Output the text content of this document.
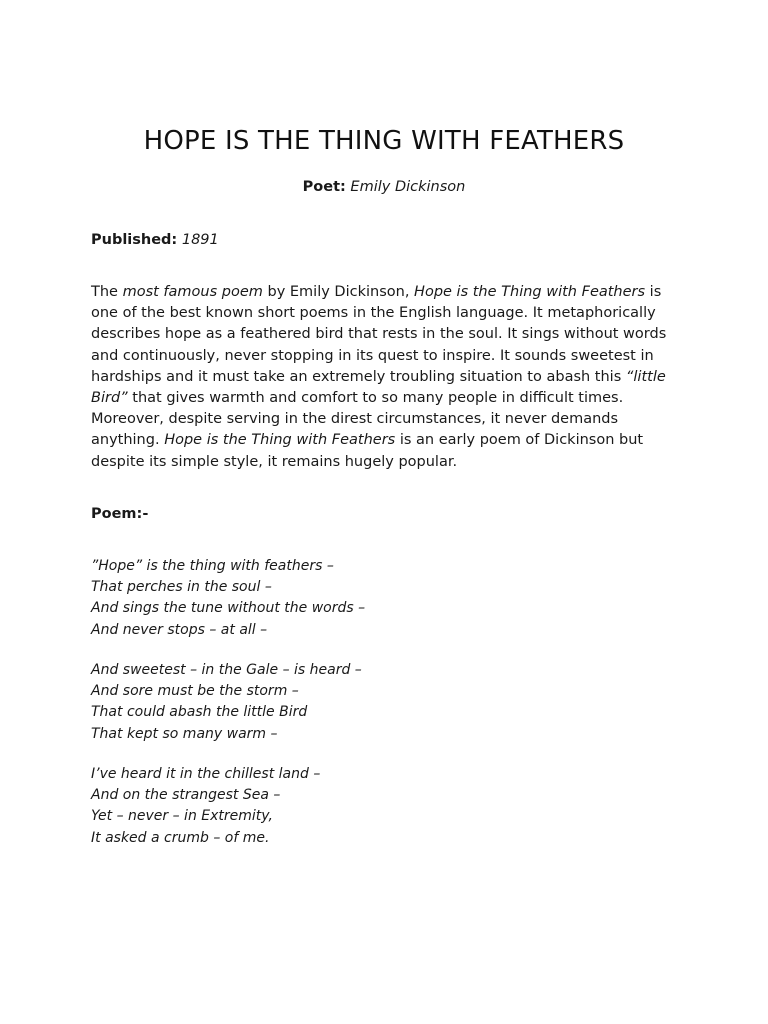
HOPE IS THE THING WITH FEATHERS
Poet: Emily Dickinson
Published: 1891

The most famous poem by Emily Dickinson, Hope is the Thing with Feathers is one of the best known short poems in the English language. It metaphorically describes hope as a feathered bird that rests in the soul. It sings without words and continuously, never stopping in its quest to inspire. It sounds sweetest in hardships and it must take an extremely troubling situation to abash this “little Bird” that gives warmth and comfort to so many people in difficult times. Moreover, despite serving in the direst circumstances, it never demands anything. Hope is the Thing with Feathers is an early poem of Dickinson but despite its simple style, it remains hugely popular.

Poem:-
”Hope” is the thing with feathers –
That perches in the soul –
And sings the tune without the words –
And never stops – at all –
And sweetest – in the Gale – is heard –
And sore must be the storm –
That could abash the little Bird
That kept so many warm –
I’ve heard it in the chillest land –
And on the strangest Sea –
Yet – never – in Extremity,
It asked a crumb – of me.
